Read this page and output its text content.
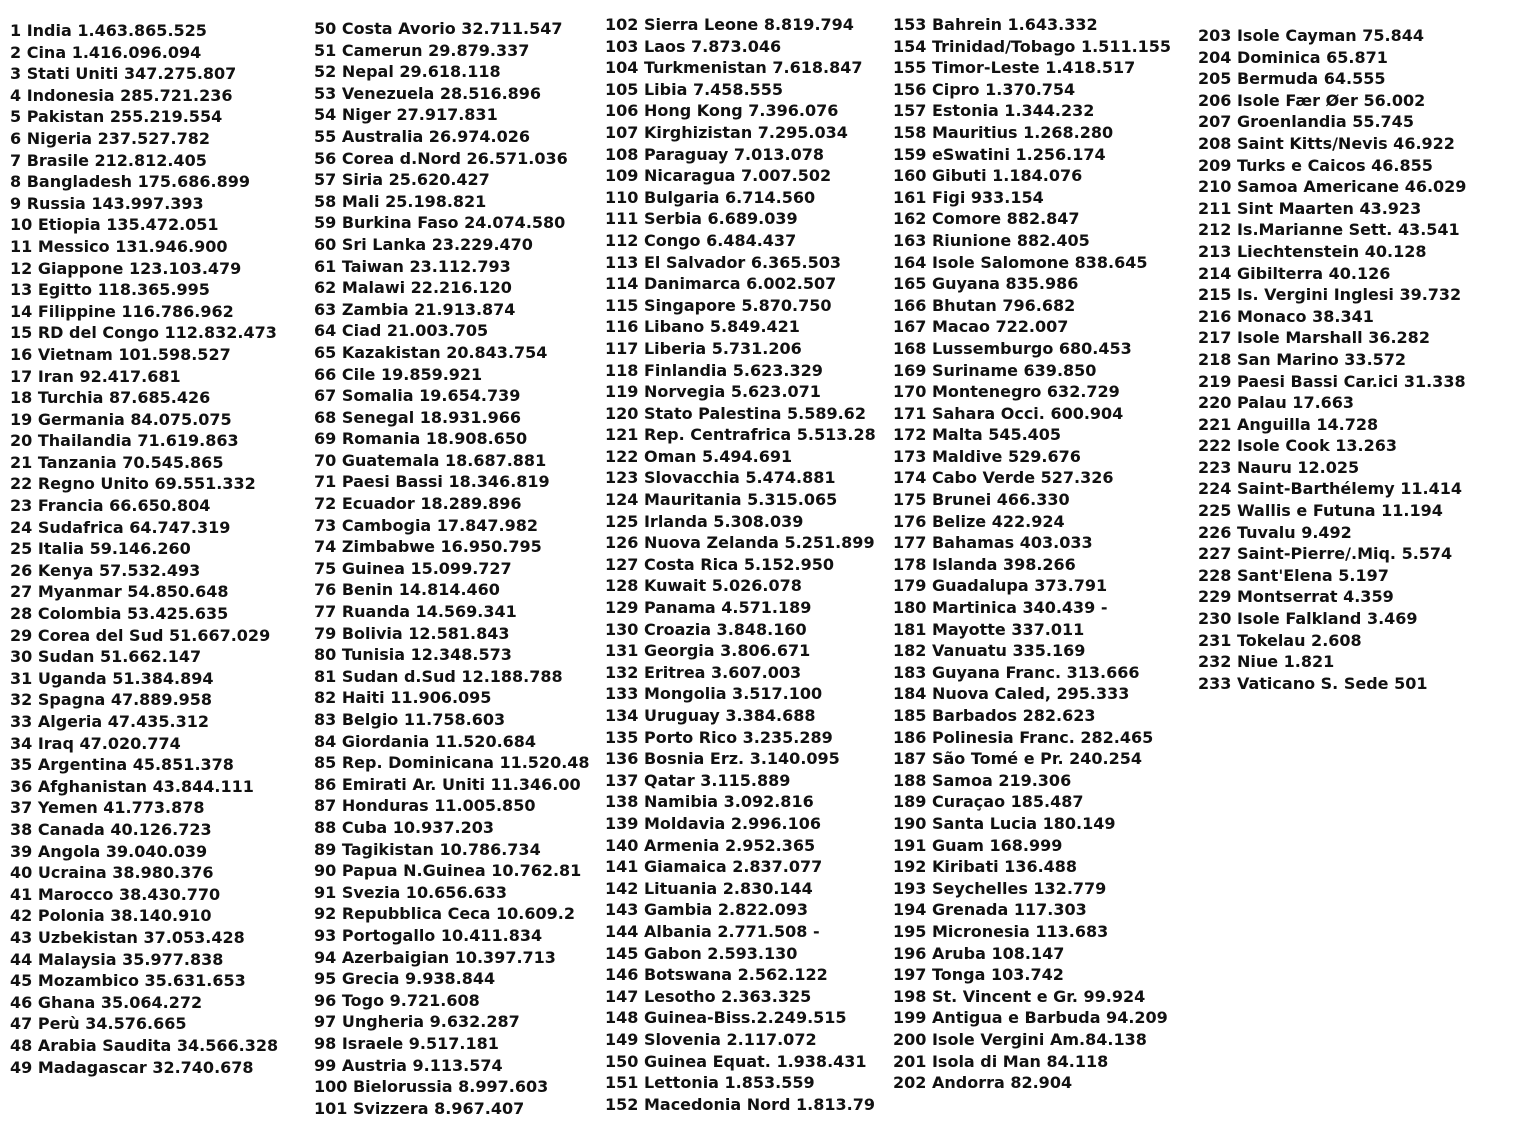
1 India 1.463.865.525
2 Cina 1.416.096.094
3 Stati Uniti 347.275.807
4 Indonesia 285.721.236
5 Pakistan 255.219.554
6 Nigeria 237.527.782
7 Brasile 212.812.405
8 Bangladesh 175.686.899
9 Russia 143.997.393
10 Etiopia 135.472.051
11 Messico 131.946.900
12 Giappone 123.103.479
13 Egitto 118.365.995
14 Filippine 116.786.962
15 RD del Congo 112.832.473
16 Vietnam 101.598.527
17 Iran 92.417.681
18 Turchia 87.685.426
19 Germania 84.075.075
20 Thailandia 71.619.863
21 Tanzania 70.545.865
22 Regno Unito 69.551.332
23 Francia 66.650.804
24 Sudafrica 64.747.319
25 Italia 59.146.260
26 Kenya 57.532.493
27 Myanmar 54.850.648
28 Colombia 53.425.635
29 Corea del Sud 51.667.029
30 Sudan 51.662.147
31 Uganda 51.384.894
32 Spagna 47.889.958
33 Algeria 47.435.312
34 Iraq 47.020.774
35 Argentina 45.851.378
36 Afghanistan 43.844.111
37 Yemen 41.773.878
38 Canada 40.126.723
39 Angola 39.040.039
40 Ucraina 38.980.376
41 Marocco 38.430.770
42 Polonia 38.140.910
43 Uzbekistan 37.053.428
44 Malaysia 35.977.838
45 Mozambico 35.631.653
46 Ghana 35.064.272
47 Perù 34.576.665
48 Arabia Saudita 34.566.328
49 Madagascar 32.740.678
50 Costa Avorio 32.711.547
51 Camerun 29.879.337
52 Nepal 29.618.118
53 Venezuela 28.516.896
54 Niger 27.917.831
55 Australia 26.974.026
56 Corea d.Nord 26.571.036
57 Siria 25.620.427
58 Mali 25.198.821
59 Burkina Faso 24.074.580
60 Sri Lanka 23.229.470
61 Taiwan 23.112.793
62 Malawi 22.216.120
63 Zambia 21.913.874
64 Ciad 21.003.705
65 Kazakistan 20.843.754
66 Cile 19.859.921
67 Somalia 19.654.739
68 Senegal 18.931.966
69 Romania 18.908.650
70 Guatemala 18.687.881
71 Paesi Bassi 18.346.819
72 Ecuador 18.289.896
73 Cambogia 17.847.982
74 Zimbabwe 16.950.795
75 Guinea 15.099.727
76 Benin 14.814.460
77 Ruanda 14.569.341
79 Bolivia 12.581.843
80 Tunisia 12.348.573
81 Sudan d.Sud 12.188.788
82 Haiti 11.906.095
83 Belgio 11.758.603
84 Giordania 11.520.684
85 Rep. Dominicana 11.520.48
86 Emirati Ar. Uniti 11.346.00
87 Honduras 11.005.850
88 Cuba 10.937.203
89 Tagikistan 10.786.734
90 Papua N.Guinea 10.762.81
91 Svezia 10.656.633
92 Repubblica Ceca 10.609.2
93 Portogallo 10.411.834
94 Azerbaigian 10.397.713
95 Grecia 9.938.844
96 Togo 9.721.608
97 Ungheria 9.632.287
98 Israele 9.517.181
99 Austria 9.113.574
100 Bielorussia 8.997.603
101 Svizzera 8.967.407
102 Sierra Leone 8.819.794
103 Laos 7.873.046
104 Turkmenistan 7.618.847
105 Libia 7.458.555
106 Hong Kong 7.396.076
107 Kirghizistan 7.295.034
108 Paraguay 7.013.078
109 Nicaragua 7.007.502
110 Bulgaria 6.714.560
111 Serbia 6.689.039
112 Congo 6.484.437
113 El Salvador 6.365.503
114 Danimarca 6.002.507
115 Singapore 5.870.750
116 Libano 5.849.421
117 Liberia 5.731.206
118 Finlandia 5.623.329
119 Norvegia 5.623.071
120 Stato Palestina 5.589.62
121 Rep. Centrafrica 5.513.28
122 Oman 5.494.691
123 Slovacchia 5.474.881
124 Mauritania 5.315.065
125 Irlanda 5.308.039
126 Nuova Zelanda 5.251.899
127 Costa Rica 5.152.950
128 Kuwait 5.026.078
129 Panama 4.571.189
130 Croazia 3.848.160
131 Georgia 3.806.671
132 Eritrea 3.607.003
133 Mongolia 3.517.100
134 Uruguay 3.384.688
135 Porto Rico 3.235.289
136 Bosnia Erz. 3.140.095
137 Qatar 3.115.889
138 Namibia 3.092.816
139 Moldavia 2.996.106
140 Armenia 2.952.365
141 Giamaica 2.837.077
142 Lituania 2.830.144
143 Gambia 2.822.093
144 Albania 2.771.508 -
145 Gabon 2.593.130
146 Botswana 2.562.122
147 Lesotho 2.363.325
148 Guinea-Biss.2.249.515
149 Slovenia 2.117.072
150 Guinea Equat. 1.938.431
151 Lettonia 1.853.559
152 Macedonia Nord 1.813.79
153 Bahrein 1.643.332
154 Trinidad/Tobago 1.511.155
155 Timor-Leste 1.418.517
156 Cipro 1.370.754
157 Estonia 1.344.232
158 Mauritius 1.268.280
159 eSwatini 1.256.174
160 Gibuti 1.184.076
161 Figi 933.154
162 Comore 882.847
163 Riunione 882.405
164 Isole Salomone 838.645
165 Guyana 835.986
166 Bhutan 796.682
167 Macao 722.007
168 Lussemburgo 680.453
169 Suriname 639.850
170 Montenegro 632.729
171 Sahara Occi. 600.904
172 Malta 545.405
173 Maldive 529.676
174 Cabo Verde 527.326
175 Brunei 466.330
176 Belize 422.924
177 Bahamas 403.033
178 Islanda 398.266
179 Guadalupa 373.791
180 Martinica 340.439 -
181 Mayotte 337.011
182 Vanuatu 335.169
183 Guyana Franc. 313.666
184 Nuova Caled, 295.333
185 Barbados 282.623
186 Polinesia Franc. 282.465
187 São Tomé e Pr. 240.254
188 Samoa 219.306
189 Curaçao 185.487
190 Santa Lucia 180.149
191 Guam 168.999
192 Kiribati 136.488
193 Seychelles 132.779
194 Grenada 117.303
195 Micronesia 113.683
196 Aruba 108.147
197 Tonga 103.742
198 St. Vincent e Gr. 99.924
199 Antigua e Barbuda 94.209
200 Isole Vergini Am.84.138
201 Isola di Man 84.118
202 Andorra 82.904
203 Isole Cayman 75.844
204 Dominica 65.871
205 Bermuda 64.555
206 Isole Fær Øer 56.002
207 Groenlandia 55.745
208 Saint Kitts/Nevis 46.922
209 Turks e Caicos 46.855
210 Samoa Americane 46.029
211 Sint Maarten 43.923
212 Is.Marianne Sett. 43.541
213 Liechtenstein 40.128
214 Gibilterra 40.126
215 Is. Vergini Inglesi 39.732
216 Monaco 38.341
217 Isole Marshall 36.282
218 San Marino 33.572
219 Paesi Bassi Car.ici 31.338
220 Palau 17.663
221 Anguilla 14.728
222 Isole Cook 13.263
223 Nauru 12.025
224 Saint-Barthélemy 11.414
225 Wallis e Futuna 11.194
226 Tuvalu 9.492
227 Saint-Pierre/.Miq. 5.574
228 Sant'Elena 5.197
229 Montserrat 4.359
230 Isole Falkland 3.469
231 Tokelau 2.608
232 Niue 1.821
233 Vaticano S. Sede 501
